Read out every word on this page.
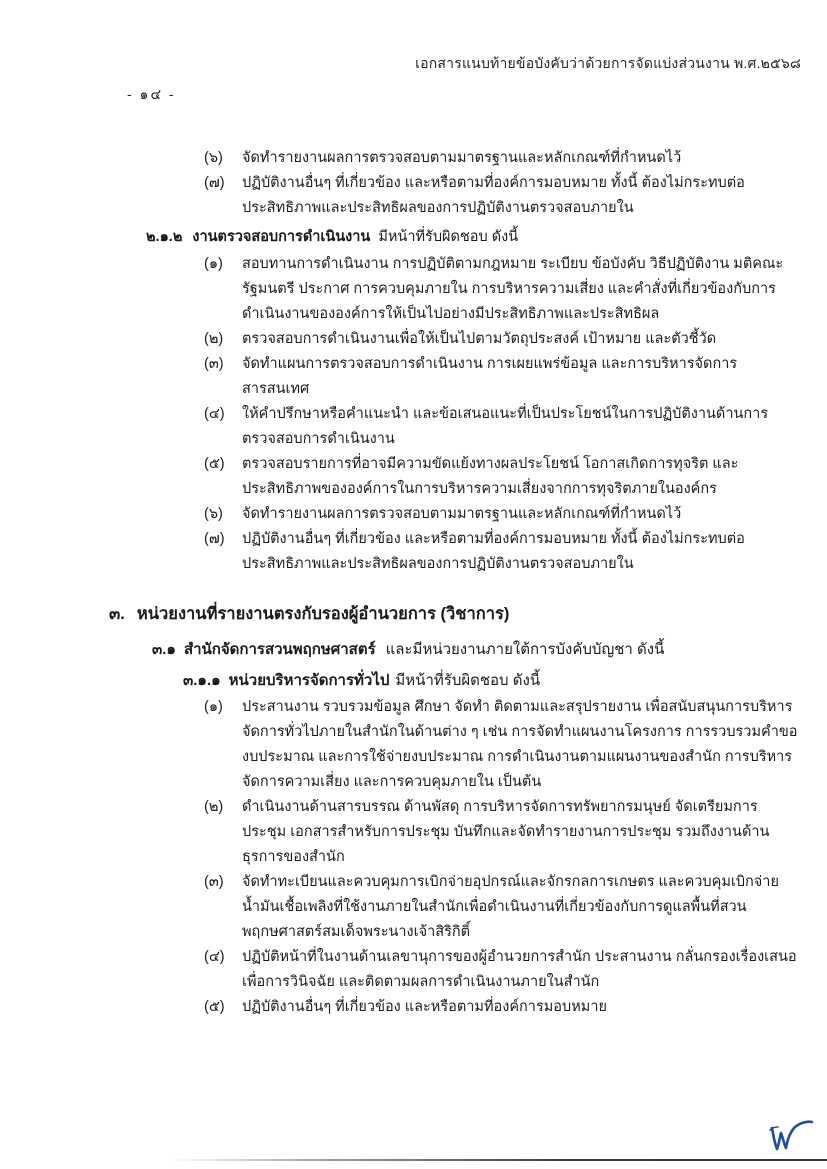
เอกสารแนบท้ายข้อบังคับว่าด้วยการจัดแบ่งส่วนงาน พ.ศ.๒๕๖๘
- ๑๔ -
(๖)	จัดทำรายงานผลการตรวจสอบตามมาตรฐานและหลักเกณฑ์ที่กำหนดไว้
(๗)	ปฏิบัติงานอื่นๆ ที่เกี่ยวข้อง และหรือตามที่องค์การมอบหมาย ทั้งนี้ ต้องไม่กระทบต่อประสิทธิภาพและประสิทธิผลของการปฏิบัติงานตรวจสอบภายใน
๒.๑.๒ งานตรวจสอบการดำเนินงาน มีหน้าที่รับผิดชอบ ดังนี้
(๑)	สอบทานการดำเนินงาน การปฏิบัติตามกฎหมาย ระเบียบ ข้อบังคับ วิธีปฏิบัติงาน มติคณะรัฐมนตรี ประกาศ การควบคุมภายใน การบริหารความเสี่ยง และคำสั่งที่เกี่ยวข้องกับการดำเนินงานขององค์การให้เป็นไปอย่างมีประสิทธิภาพและประสิทธิผล
(๒)	ตรวจสอบการดำเนินงานเพื่อให้เป็นไปตามวัตถุประสงค์ เป้าหมาย และตัวชี้วัด
(๓)	จัดทำแผนการตรวจสอบการดำเนินงาน การเผยแพร่ข้อมูล และการบริหารจัดการสารสนเทศ
(๔)	ให้คำปรึกษาหรือคำแนะนำ และข้อเสนอแนะที่เป็นประโยชน์ในการปฏิบัติงานด้านการตรวจสอบการดำเนินงาน
(๕)	ตรวจสอบรายการที่อาจมีความขัดแย้งทางผลประโยชน์ โอกาสเกิดการทุจริต และประสิทธิภาพขององค์การในการบริหารความเสี่ยงจากการทุจริตภายในองค์กร
(๖)	จัดทำรายงานผลการตรวจสอบตามมาตรฐานและหลักเกณฑ์ที่กำหนดไว้
(๗)	ปฏิบัติงานอื่นๆ ที่เกี่ยวข้อง และหรือตามที่องค์การมอบหมาย ทั้งนี้ ต้องไม่กระทบต่อประสิทธิภาพและประสิทธิผลของการปฏิบัติงานตรวจสอบภายใน
๓. หน่วยงานที่รายงานตรงกับรองผู้อำนวยการ (วิชาการ)
๓.๑ สำนักจัดการสวนพฤกษศาสตร์ และมีหน่วยงานภายใต้การบังคับบัญชา ดังนี้
๓.๑.๑ หน่วยบริหารจัดการทั่วไป มีหน้าที่รับผิดชอบ ดังนี้
(๑)	ประสานงาน รวบรวมข้อมูล ศึกษา จัดทำ ติดตามและสรุปรายงาน เพื่อสนับสนุนการบริหารจัดการทั่วไปภายในสำนักในด้านต่าง ๆ เช่น การจัดทำแผนงานโครงการ การรวบรวมคำของบประมาณ และการใช้จ่ายงบประมาณ การดำเนินงานตามแผนงานของสำนัก การบริหารจัดการความเสี่ยง และการควบคุมภายใน เป็นต้น
(๒)	ดำเนินงานด้านสารบรรณ ด้านพัสดุ การบริหารจัดการทรัพยากรมนุษย์ จัดเตรียมการประชุม เอกสารสำหรับการประชุม บันทึกและจัดทำรายงานการประชุม รวมถึงงานด้านธุรการของสำนัก
(๓)	จัดทำทะเบียนและควบคุมการเบิกจ่ายอุปกรณ์และจักรกลการเกษตร และควบคุมเบิกจ่ายน้ำมันเชื้อเพลิงที่ใช้งานภายในสำนักเพื่อดำเนินงานที่เกี่ยวข้องกับการดูแลพื้นที่สวนพฤกษศาสตร์สมเด็จพระนางเจ้าสิริกิติ์
(๔)	ปฏิบัติหน้าที่ในงานด้านเลขานุการของผู้อำนวยการสำนัก ประสานงาน กลั่นกรองเรื่องเสนอเพื่อการวินิจฉัย และติดตามผลการดำเนินงานภายในสำนัก
(๕)	ปฏิบัติงานอื่นๆ ที่เกี่ยวข้อง และหรือตามที่องค์การมอบหมาย
